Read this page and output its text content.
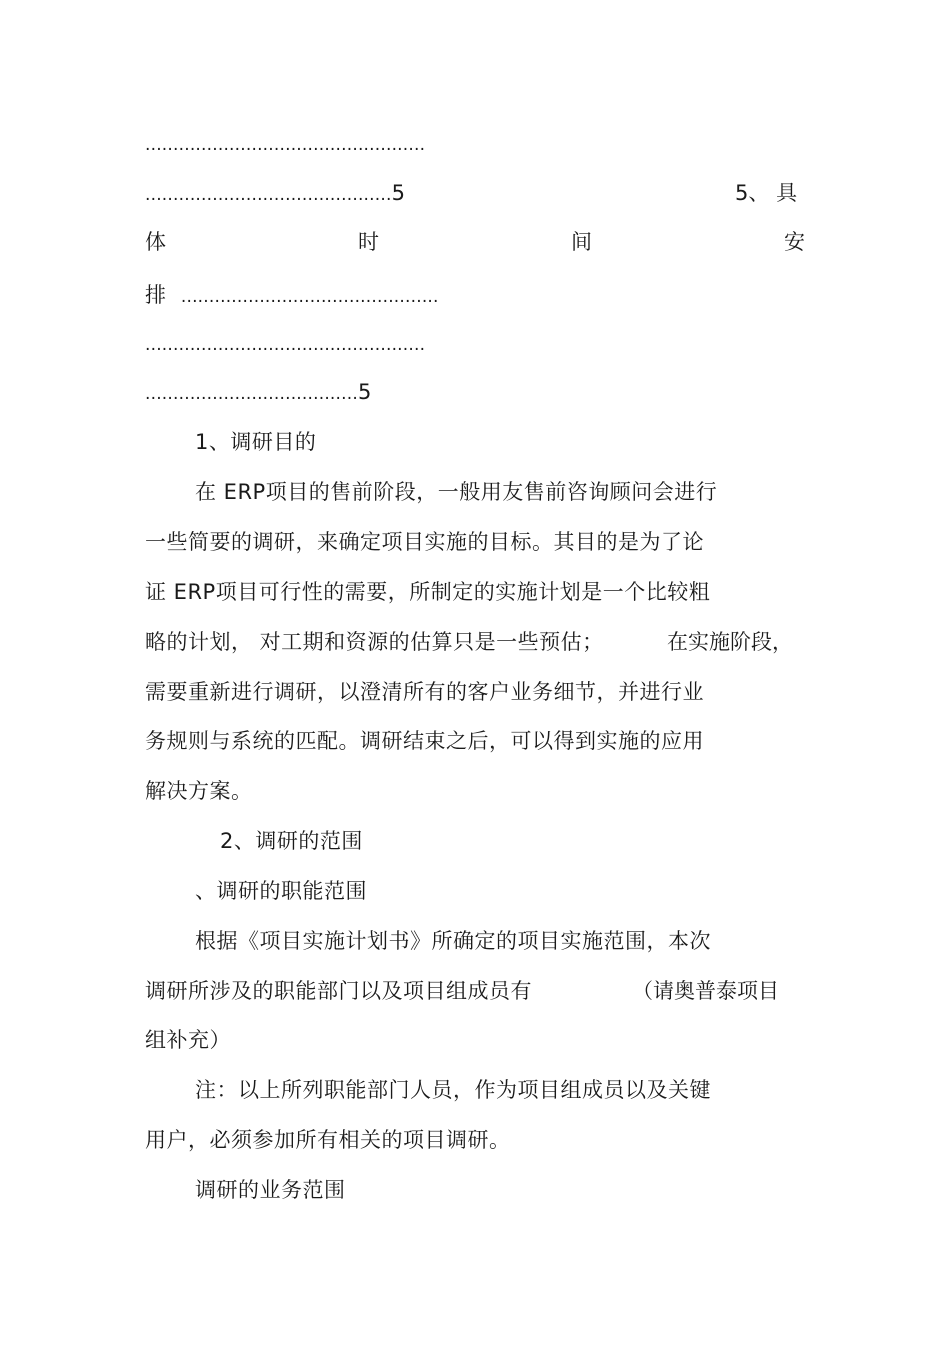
..................................................
............................................5	5、 具
体	时	间	安
排 ..............................................
..................................................
......................................5
1、调研目的
在 ERP项目的售前阶段，一般用友售前咨询顾问会进行
一些简要的调研，来确定项目实施的目标。其目的是为了论
证 ERP项目可行性的需要，所制定的实施计划是一个比较粗
略的计划， 对工期和资源的估算只是一些预估；	在实施阶段，
需要重新进行调研，以澄清所有的客户业务细节，并进行业
务规则与系统的匹配。调研结束之后，可以得到实施的应用
解决方案。
2、调研的范围
、调研的职能范围
根据《项目实施计划书》所确定的项目实施范围，本次
调研所涉及的职能部门以及项目组成员有	（请奥普泰项目
组补充）
注：以上所列职能部门人员，作为项目组成员以及关键
用户，必须参加所有相关的项目调研。
调研的业务范围
